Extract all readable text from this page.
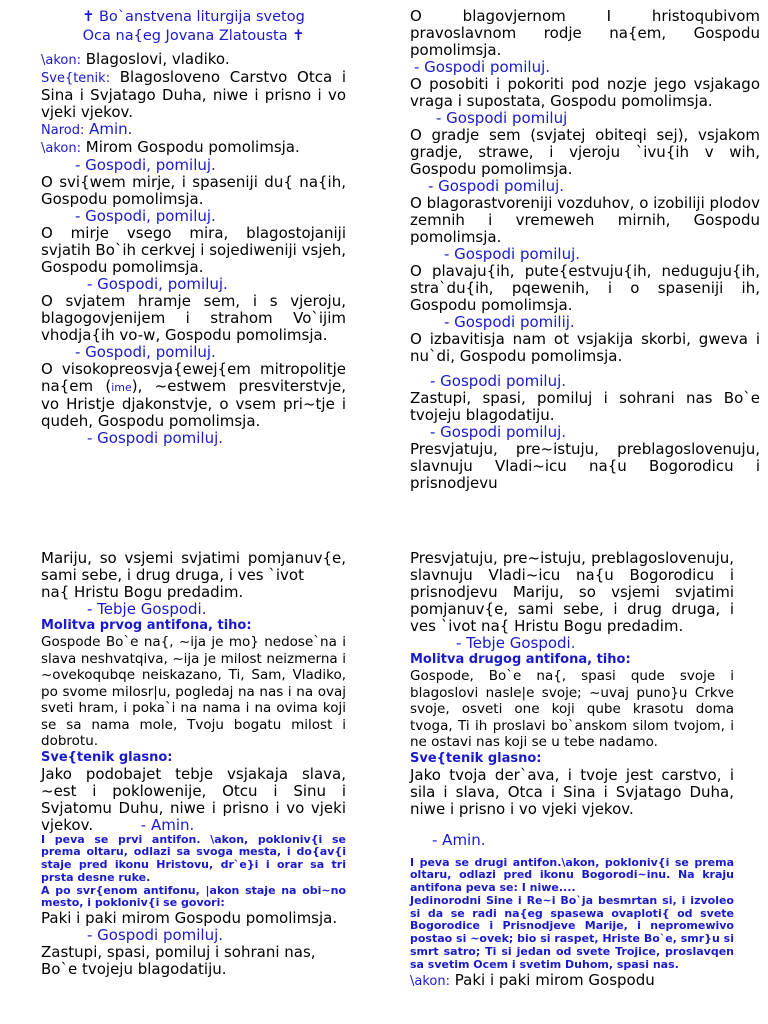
✝ Bo`anstvena liturgija svetog
Oca na{eg Jovana Zlatousta ✝
\akon: Blagoslovi, vladiko.
Sve{tenik: Blagosloveno Carstvo Otca i Sina i Svjatago Duha, niwe i prisno i vo vjeki vjekov.
Narod: Amin.
\akon: Mirom Gospodu pomolimsja.
- Gospodi, pomiluj.
O svi{wem mirje, i spaseniji du{ na{ih, Gospodu pomolimsja.
- Gospodi, pomiluj.
O mirje vsego mira, blagostojaniji svjatih Bo`ih cerkvej i sojediweniji vsjeh, Gospodu pomolimsja.
- Gospodi, pomiluj.
O svjatem hramje sem, i s vjeroju, blagogovjenijem i strahom Vo`ijim vhodja{ih vo-w, Gospodu pomolimsja.
- Gospodi, pomiluj.
O visokopreosvja{ewej{em mitropolitje na{em (ime), ~estwem presviterstvje, vo Hristje djakonstvje, o vsem pri~tje i qudeh, Gospodu pomolimsja.
- Gospodi pomiluj.
O blagovjernom I hristoqubivom pravoslavnom rodje na{em, Gospodu pomolimsja.
- Gospodi pomiluj.
O posobiti i pokoriti pod nozje jego vsjakago vraga i supostata, Gospodu pomolimsja.
- Gospodi pomiluj
O gradje sem (svjatej obiteqi sej), vsjakom gradje, strawe, i vjeroju `ivu{ih v wih, Gospodu pomolimsja.
- Gospodi pomiluj.
O blagorastvoreniji vozduhov, o izobiliji plodov zemnih i vremeweh mirnih, Gospodu pomolimsja.
- Gospodi pomiluj.
O plavaju{ih, pute{estvuju{ih, neduguju{ih, stra`du{ih, pqewenih, i o spaseniji ih, Gospodu pomolimsja.
- Gospodi pomilij.
O izbavitisja nam ot vsjakija skorbi, gweva i nu`di, Gospodu pomolimsja.
- Gospodi pomiluj.
Zastupi, spasi, pomiluj i sohrani nas Bo`e tvojeju blagodatiju.
- Gospodi pomiluj.
Presvjatuju, pre~istuju, preblagoslovenuju, slavnuju Vladi~icu na{u Bogorodicu i prisnodjevu
Mariju, so vsjemi svjatimi pomjanuv{e, sami sebe, i drug druga, i ves `ivot
na{ Hristu Bogu predadim.
- Tebje Gospodi.
Molitva prvog antifona, tiho:
Gospode Bo`e na{, ~ija je mo} nedose`na i slava neshvatqiva, ~ija je milost neizmerna i ~ovekoqubqe neiskazano, Ti, Sam, Vladiko, po svome milosr|u, pogledaj na nas i na ovaj sveti hram, i poka`i na nama i na ovima koji se sa nama mole, Tvoju bogatu milost i dobrotu.
Sve{tenik glasno:
Jako podobajet tebje vsjakaja slava, ~est i poklowenije, Otcu i Sinu i Svjatomu Duhu, niwe i prisno i vo vjeki vjekov.	- Amin.
I peva se prvi antifon. \akon, pokloniv{i se prema oltaru, odlazi sa svoga mesta, i do{av{i staje pred ikonu Hristovu, dr`e}i i orar sa tri prsta desne ruke.
A po svr{enom antifonu, |akon staje na obi~no mesto, i pokloniv{i se govori:
Paki i paki mirom Gospodu pomolimsja.
- Gospodi pomiluj.
Zastupi, spasi, pomiluj i sohrani nas,
Bo`e tvojeju blagodatiju.
Presvjatuju, pre~istuju, preblagoslovenuju, slavnuju Vladi~icu na{u Bogorodicu i prisnodjevu Mariju, so vsjemi svjatimi pomjanuv{e, sami sebe, i drug druga, i ves `ivot na{ Hristu Bogu predadim.
- Tebje Gospodi.
Molitva drugog antifona, tiho:
Gospode, Bo`e na{, spasi qude svoje i blagoslovi nasle|e svoje; ~uvaj puno}u Crkve svoje, osveti one koji qube krasotu doma tvoga, Ti ih proslavi bo`anskom silom tvojom, i ne ostavi nas koji se u tebe nadamo.
Sve{tenik glasno:
Jako tvoja der`ava, i tvoje jest carstvo, i sila i slava, Otca i Sina i Svjatago Duha, niwe i prisno i vo vjeki vjekov.
- Amin.
I peva se drugi antifon.\akon, pokloniv{i se prema oltaru, odlazi pred ikonu Bogorodi~inu. Na kraju antifona peva se: I niwe....
Jedinorodni Sine i Re~i Bo`ja besmrtan si, i izvoleo si da se radi na{eg spasewa ovaploti{ od svete Bogorodice i Prisnodjeve Marije, i nepromewivo postao si ~ovek; bio si raspet, Hriste Bo`e, smr}u si smrt satro; Ti si jedan od svete Trojice, proslavqen sa svetim Ocem i svetim Duhom, spasi nas.
\akon: Paki i paki mirom Gospodu
